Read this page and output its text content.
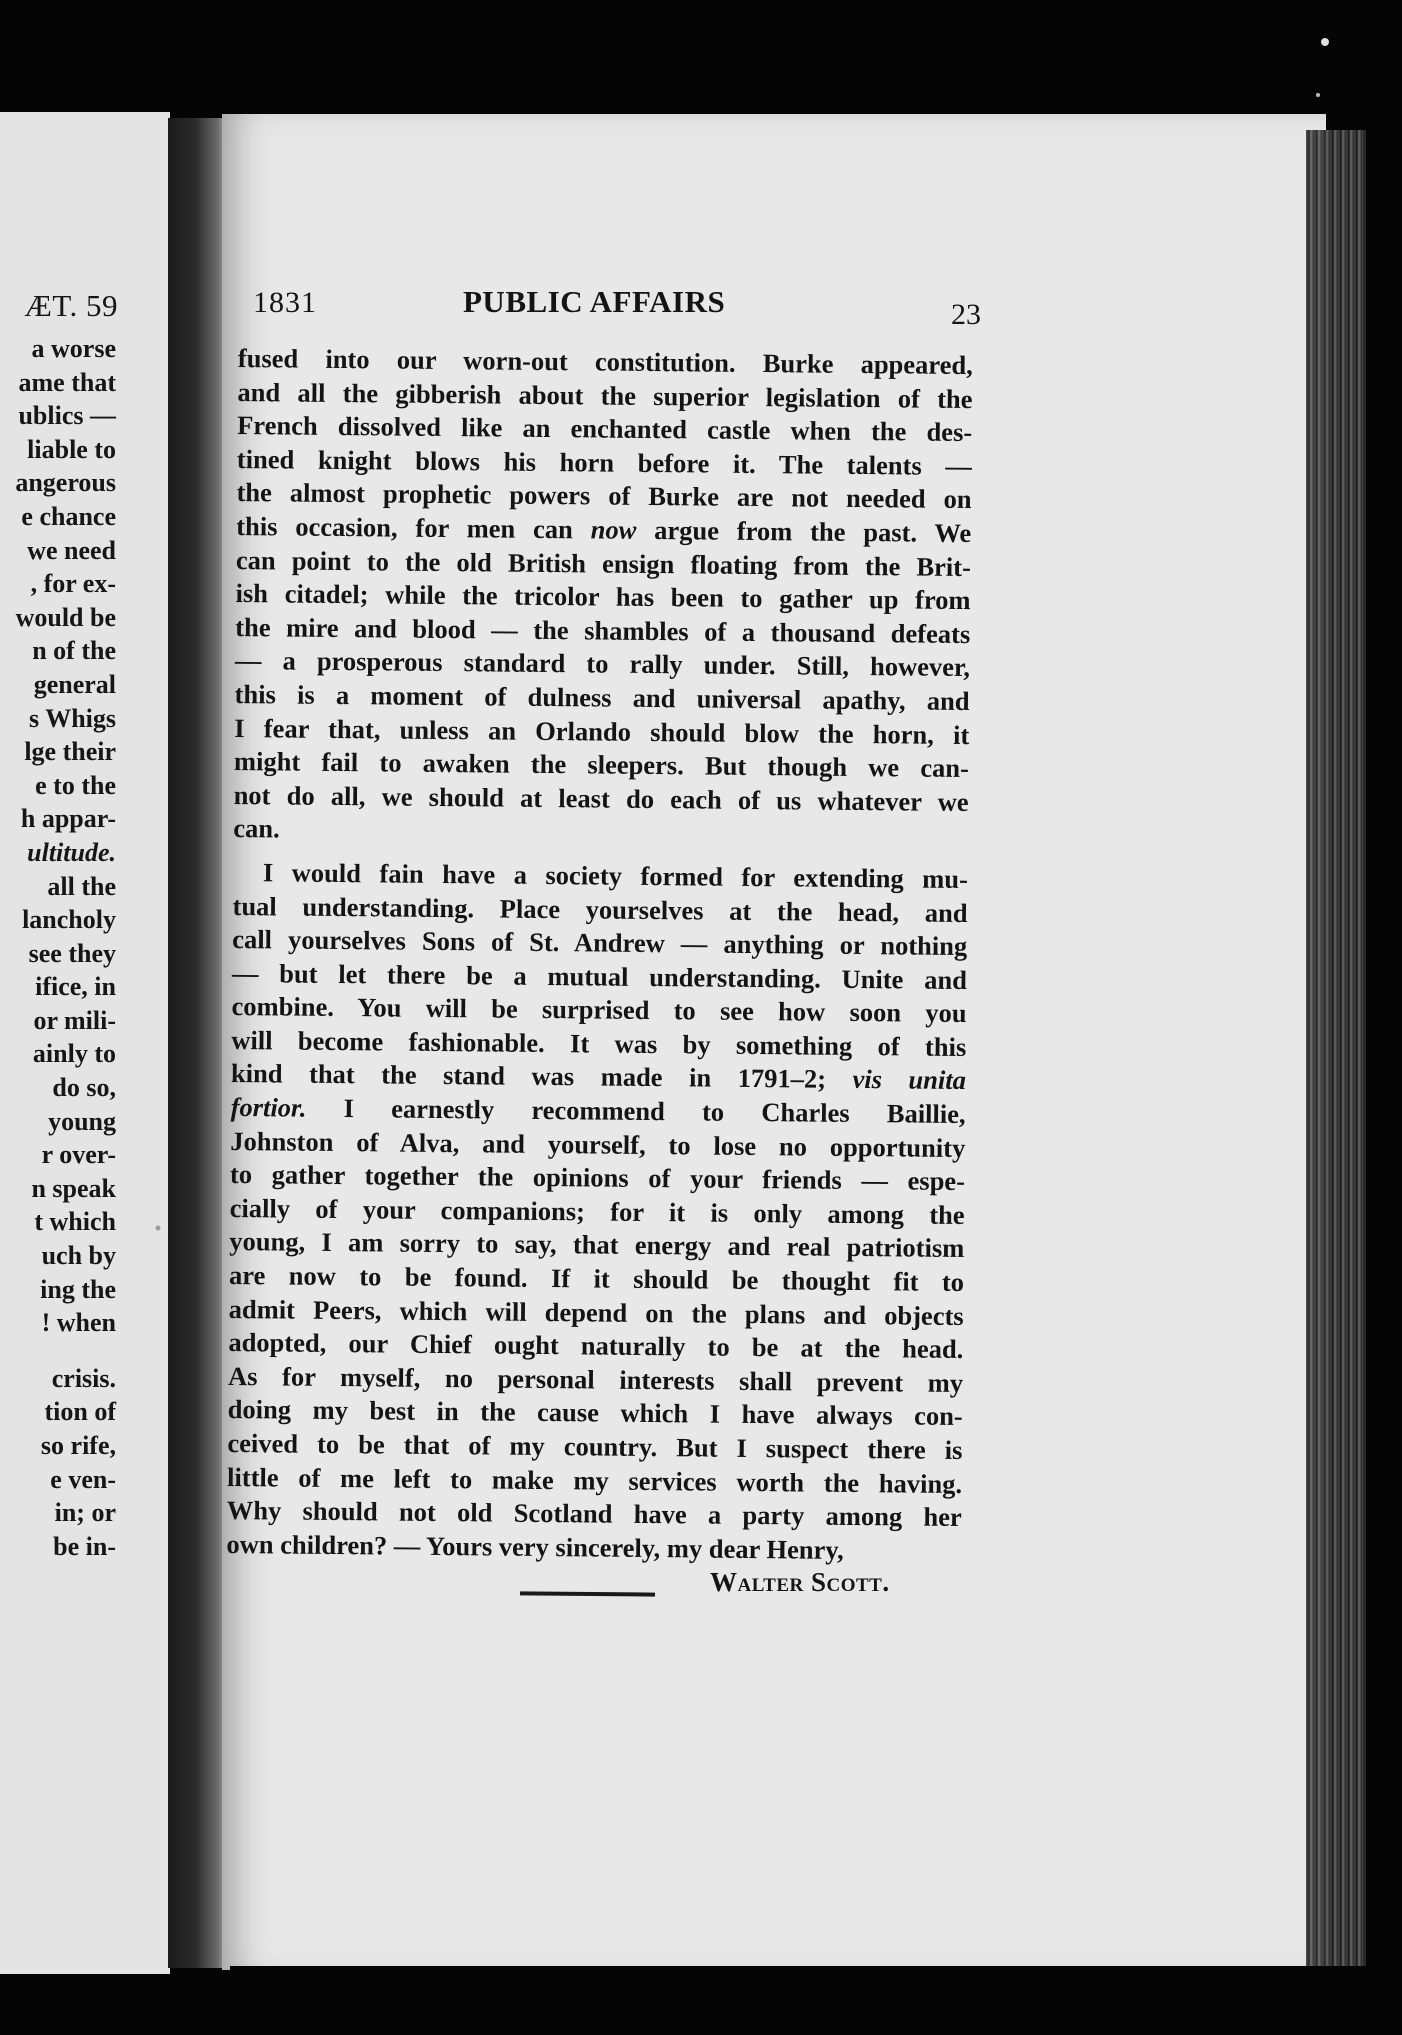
ÆT. 59
a worse
ame that
ublics —
liable to
angerous
e chance
we need
, for ex-
would be
n of the
general
s Whigs
lge their
e to the
h appar-
ultitude.
all the
lancholy
see they
ifice, in
or mili-
ainly to
do so,
young
r over-
n speak
t which
uch by
ing the
! when
crisis.
tion of
so rife,
e ven-
in; or
be in-
1831	PUBLIC AFFAIRS	23
fused into our worn-out constitution. Burke appeared,
and all the gibberish about the superior legislation of the
French dissolved like an enchanted castle when the des-
tined knight blows his horn before it. The talents —
the almost prophetic powers of Burke are not needed on
this occasion, for men can now argue from the past. We
can point to the old British ensign floating from the Brit-
ish citadel; while the tricolor has been to gather up from
the mire and blood — the shambles of a thousand defeats
— a prosperous standard to rally under. Still, however,
this is a moment of dulness and universal apathy, and
I fear that, unless an Orlando should blow the horn, it
might fail to awaken the sleepers. But though we can-
not do all, we should at least do each of us whatever we
can.
I would fain have a society formed for extending mu-
tual understanding. Place yourselves at the head, and
call yourselves Sons of St. Andrew — anything or nothing
— but let there be a mutual understanding. Unite and
combine. You will be surprised to see how soon you
will become fashionable. It was by something of this
kind that the stand was made in 1791–2; vis unita
fortior. I earnestly recommend to Charles Baillie,
Johnston of Alva, and yourself, to lose no opportunity
to gather together the opinions of your friends — espe-
cially of your companions; for it is only among the
young, I am sorry to say, that energy and real patriotism
are now to be found. If it should be thought fit to
admit Peers, which will depend on the plans and objects
adopted, our Chief ought naturally to be at the head.
As for myself, no personal interests shall prevent my
doing my best in the cause which I have always con-
ceived to be that of my country. But I suspect there is
little of me left to make my services worth the having.
Why should not old Scotland have a party among her
own children? — Yours very sincerely, my dear Henry,
Walter Scott.
